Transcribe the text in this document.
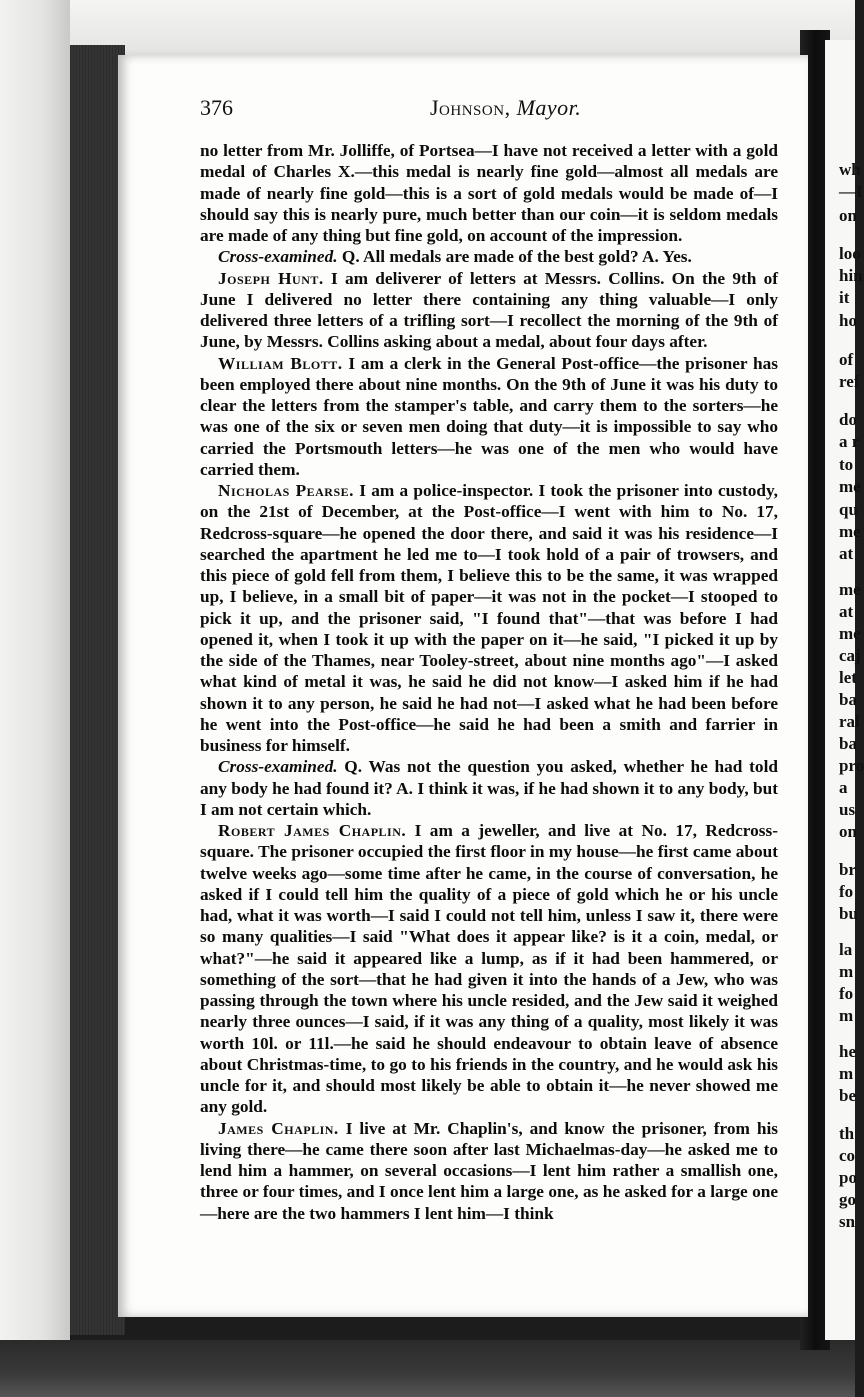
wh
—I
on
loo
hin
it
ho
of
ref
do
a r
to
me
qu
me
at
me
at
me
caj
let
ba
ral
ba
pro
a
us
on
br
fo
bu
la
m
fo
m
he
m
be
th
co
po
go
sn
376	Johnson, Mayor.

no letter from Mr. Jolliffe, of Portsea—I have not received a letter with a gold medal of Charles X.—this medal is nearly fine gold—almost all medals are made of nearly fine gold—this is a sort of gold medals would be made of—I should say this is nearly pure, much better than our coin—it is seldom medals are made of any thing but fine gold, on account of the impression.

Cross-examined. Q. All medals are made of the best gold? A. Yes.

Joseph Hunt. I am deliverer of letters at Messrs. Collins. On the 9th of June I delivered no letter there containing any thing valuable—I only delivered three letters of a trifling sort—I recollect the morning of the 9th of June, by Messrs. Collins asking about a medal, about four days after.

William Blott. I am a clerk in the General Post-office—the prisoner has been employed there about nine months. On the 9th of June it was his duty to clear the letters from the stamper's table, and carry them to the sorters—he was one of the six or seven men doing that duty—it is impossible to say who carried the Portsmouth letters—he was one of the men who would have carried them.

Nicholas Pearse. I am a police-inspector. I took the prisoner into custody, on the 21st of December, at the Post-office—I went with him to No. 17, Redcross-square—he opened the door there, and said it was his residence—I searched the apartment he led me to—I took hold of a pair of trowsers, and this piece of gold fell from them, I believe this to be the same, it was wrapped up, I believe, in a small bit of paper—it was not in the pocket—I stooped to pick it up, and the prisoner said, "I found that"—that was before I had opened it, when I took it up with the paper on it—he said, "I picked it up by the side of the Thames, near Tooley-street, about nine months ago"—I asked what kind of metal it was, he said he did not know—I asked him if he had shown it to any person, he said he had not—I asked what he had been before he went into the Post-office—he said he had been a smith and farrier in business for himself.

Cross-examined. Q. Was not the question you asked, whether he had told any body he had found it? A. I think it was, if he had shown it to any body, but I am not certain which.

Robert James Chaplin. I am a jeweller, and live at No. 17, Redcross-square. The prisoner occupied the first floor in my house—he first came about twelve weeks ago—some time after he came, in the course of conversation, he asked if I could tell him the quality of a piece of gold which he or his uncle had, what it was worth—I said I could not tell him, unless I saw it, there were so many qualities—I said "What does it appear like? is it a coin, medal, or what?"—he said it appeared like a lump, as if it had been hammered, or something of the sort—that he had given it into the hands of a Jew, who was passing through the town where his uncle resided, and the Jew said it weighed nearly three ounces—I said, if it was any thing of a quality, most likely it was worth 10l. or 11l.—he said he should endeavour to obtain leave of absence about Christmas-time, to go to his friends in the country, and he would ask his uncle for it, and should most likely be able to obtain it—he never showed me any gold.

James Chaplin. I live at Mr. Chaplin's, and know the prisoner, from his living there—he came there soon after last Michaelmas-day—he asked me to lend him a hammer, on several occasions—I lent him rather a smallish one, three or four times, and I once lent him a large one, as he asked for a large one—here are the two hammers I lent him—I think
